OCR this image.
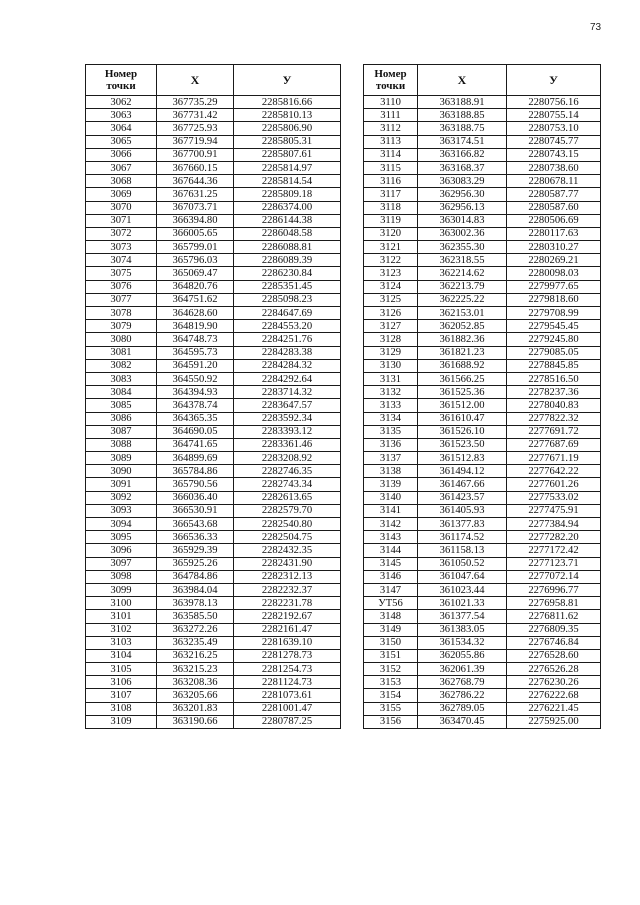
73
Номер
точки	Х	У
3062	367735.29	2285816.66
3063	367731.42	2285810.13
3064	367725.93	2285806.90
3065	367719.94	2285805.31
3066	367700.91	2285807.61
3067	367660.15	2285814.97
3068	367644.36	2285814.54
3069	367631.25	2285809.18
3070	367073.71	2286374.00
3071	366394.80	2286144.38
3072	366005.65	2286048.58
3073	365799.01	2286088.81
3074	365796.03	2286089.39
3075	365069.47	2286230.84
3076	364820.76	2285351.45
3077	364751.62	2285098.23
3078	364628.60	2284647.69
3079	364819.90	2284553.20
3080	364748.73	2284251.76
3081	364595.73	2284283.38
3082	364591.20	2284284.32
3083	364550.92	2284292.64
3084	364394.93	2283714.32
3085	364378.74	2283647.57
3086	364365.35	2283592.34
3087	364690.05	2283393.12
3088	364741.65	2283361.46
3089	364899.69	2283208.92
3090	365784.86	2282746.35
3091	365790.56	2282743.34
3092	366036.40	2282613.65
3093	366530.91	2282579.70
3094	366543.68	2282540.80
3095	366536.33	2282504.75
3096	365929.39	2282432.35
3097	365925.26	2282431.90
3098	364784.86	2282312.13
3099	363984.04	2282232.37
3100	363978.13	2282231.78
3101	363585.50	2282192.67
3102	363272.26	2282161.47
3103	363235.49	2281639.10
3104	363216.25	2281278.73
3105	363215.23	2281254.73
3106	363208.36	2281124.73
3107	363205.66	2281073.61
3108	363201.83	2281001.47
3109	363190.66	2280787.25
Номер
точки	Х	У
3110	363188.91	2280756.16
3111	363188.85	2280755.14
3112	363188.75	2280753.10
3113	363174.51	2280745.77
3114	363166.82	2280743.15
3115	363168.37	2280738.60
3116	363083.29	2280678.11
3117	362956.30	2280587.77
3118	362956.13	2280587.60
3119	363014.83	2280506.69
3120	363002.36	2280117.63
3121	362355.30	2280310.27
3122	362318.55	2280269.21
3123	362214.62	2280098.03
3124	362213.79	2279977.65
3125	362225.22	2279818.60
3126	362153.01	2279708.99
3127	362052.85	2279545.45
3128	361882.36	2279245.80
3129	361821.23	2279085.05
3130	361688.92	2278845.85
3131	361566.25	2278516.50
3132	361525.36	2278237.36
3133	361512.00	2278040.83
3134	361610.47	2277822.32
3135	361526.10	2277691.72
3136	361523.50	2277687.69
3137	361512.83	2277671.19
3138	361494.12	2277642.22
3139	361467.66	2277601.26
3140	361423.57	2277533.02
3141	361405.93	2277475.91
3142	361377.83	2277384.94
3143	361174.52	2277282.20
3144	361158.13	2277172.42
3145	361050.52	2277123.71
3146	361047.64	2277072.14
3147	361023.44	2276996.77
УТ56	361021.33	2276958.81
3148	361377.54	2276811.62
3149	361383.05	2276809.35
3150	361534.32	2276746.84
3151	362055.86	2276528.60
3152	362061.39	2276526.28
3153	362768.79	2276230.26
3154	362786.22	2276222.68
3155	362789.05	2276221.45
3156	363470.45	2275925.00
